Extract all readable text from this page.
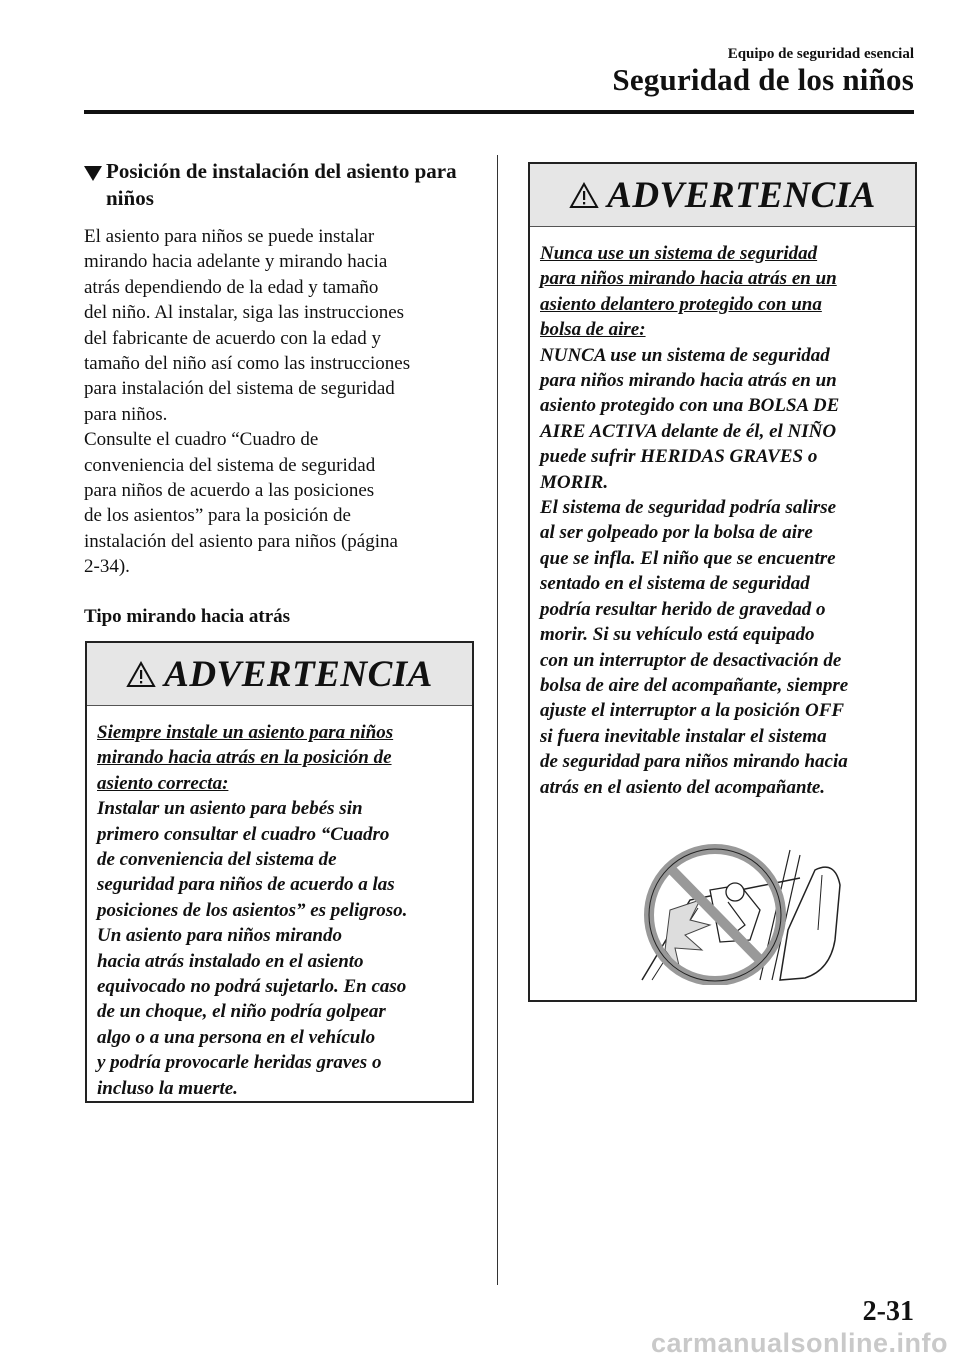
Equipo de seguridad esencial
Seguridad de los niños
Posición de instalación del asiento para niños

El asiento para niños se puede instalar
mirando hacia adelante y mirando hacia
atrás dependiendo de la edad y tamaño
del niño. Al instalar, siga las instrucciones
del fabricante de acuerdo con la edad y
tamaño del niño así como las instrucciones
para instalación del sistema de seguridad
para niños.
Consulte el cuadro “Cuadro de
conveniencia del sistema de seguridad
para niños de acuerdo a las posiciones
de los asientos” para la posición de
instalación del asiento para niños (página
2-34).

Tipo mirando hacia atrás

ADVERTENCIA
Siempre instale un asiento para niños
mirando hacia atrás en la posición de
asiento correcta:
Instalar un asiento para bebés sin
primero consultar el cuadro “Cuadro
de conveniencia del sistema de
seguridad para niños de acuerdo a las
posiciones de los asientos” es peligroso.
Un asiento para niños mirando
hacia atrás instalado en el asiento
equivocado no podrá sujetarlo. En caso
de un choque, el niño podría golpear
algo o a una persona en el vehículo
y podría provocarle heridas graves o
incluso la muerte.
ADVERTENCIA
Nunca use un sistema de seguridad
para niños mirando hacia atrás en un
asiento delantero protegido con una
bolsa de aire:
NUNCA use un sistema de seguridad
para niños mirando hacia atrás en un
asiento protegido con una BOLSA DE
AIRE ACTIVA delante de él, el NIÑO
puede sufrir HERIDAS GRAVES o
MORIR.
El sistema de seguridad podría salirse
al ser golpeado por la bolsa de aire
que se infla. El niño que se encuentre
sentado en el sistema de seguridad
podría resultar herido de gravedad o
morir. Si su vehículo está equipado
con un interruptor de desactivación de
bolsa de aire del acompañante, siempre
ajuste el interruptor a la posición OFF
si fuera inevitable instalar el sistema
de seguridad para niños mirando hacia
atrás en el asiento del acompañante.
2-31
carmanualsonline.info
